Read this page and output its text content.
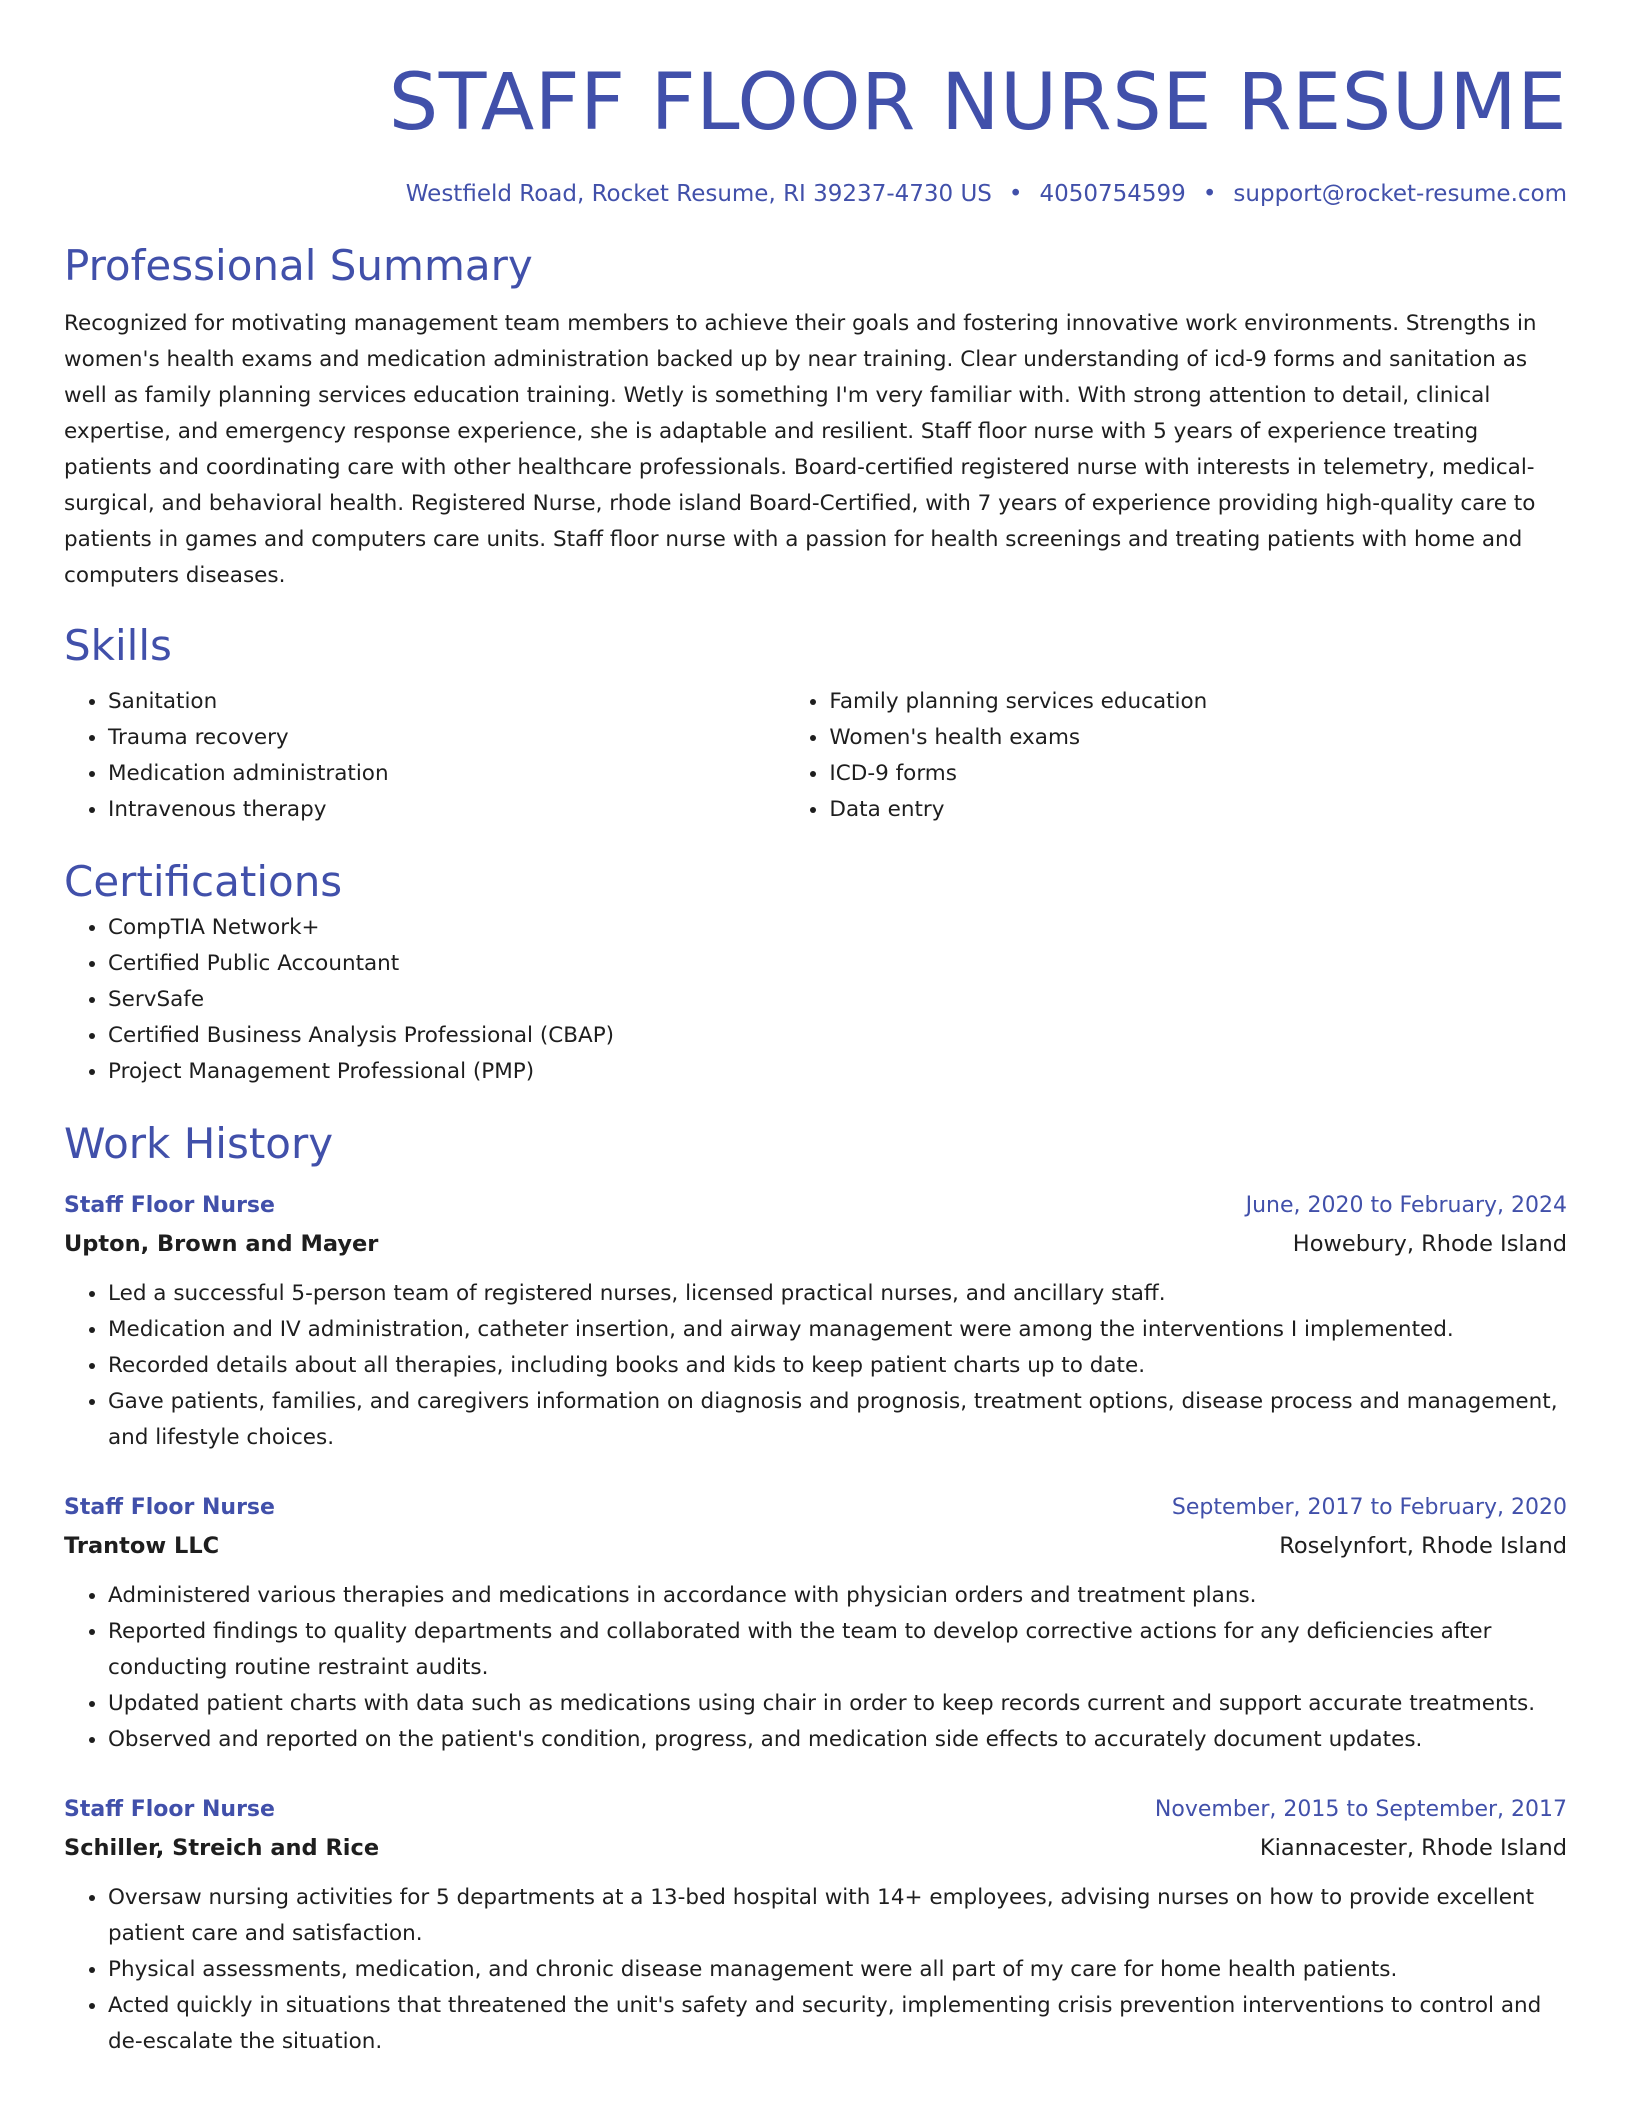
STAFF FLOOR NURSE RESUME
Westfield Road, Rocket Resume, RI 39237-4730 US • 4050754599 • support@rocket-resume.com
Professional Summary

Recognized for motivating management team members to achieve their goals and fostering innovative work environments. Strengths in women's health exams and medication administration backed up by near training. Clear understanding of icd-9 forms and sanitation as well as family planning services education training. Wetly is something I'm very familiar with. With strong attention to detail, clinical expertise, and emergency response experience, she is adaptable and resilient. Staff floor nurse with 5 years of experience treating patients and coordinating care with other healthcare professionals. Board-certified registered nurse with interests in telemetry, medical-surgical, and behavioral health. Registered Nurse, rhode island Board-Certified, with 7 years of experience providing high-quality care to patients in games and computers care units. Staff floor nurse with a passion for health screenings and treating patients with home and computers diseases.

Skills
• Sanitation
• Trauma recovery
• Medication administration
• Intravenous therapy
• Family planning services education
• Women's health exams
• ICD-9 forms
• Data entry
Certifications
• CompTIA Network+
• Certified Public Accountant
• ServSafe
• Certified Business Analysis Professional (CBAP)
• Project Management Professional (PMP)
Work History
Staff Floor Nurse	June, 2020 to February, 2024
Upton, Brown and Mayer	Howebury, Rhode Island
• Led a successful 5-person team of registered nurses, licensed practical nurses, and ancillary staff.
• Medication and IV administration, catheter insertion, and airway management were among the interventions I implemented.
• Recorded details about all therapies, including books and kids to keep patient charts up to date.
• Gave patients, families, and caregivers information on diagnosis and prognosis, treatment options, disease process and management, and lifestyle choices.
Staff Floor Nurse	September, 2017 to February, 2020
Trantow LLC	Roselynfort, Rhode Island
• Administered various therapies and medications in accordance with physician orders and treatment plans.
• Reported findings to quality departments and collaborated with the team to develop corrective actions for any deficiencies after conducting routine restraint audits.
• Updated patient charts with data such as medications using chair in order to keep records current and support accurate treatments.
• Observed and reported on the patient's condition, progress, and medication side effects to accurately document updates.
Staff Floor Nurse	November, 2015 to September, 2017
Schiller, Streich and Rice	Kiannacester, Rhode Island
• Oversaw nursing activities for 5 departments at a 13-bed hospital with 14+ employees, advising nurses on how to provide excellent patient care and satisfaction.
• Physical assessments, medication, and chronic disease management were all part of my care for home health patients.
• Acted quickly in situations that threatened the unit's safety and security, implementing crisis prevention interventions to control and de-escalate the situation.
